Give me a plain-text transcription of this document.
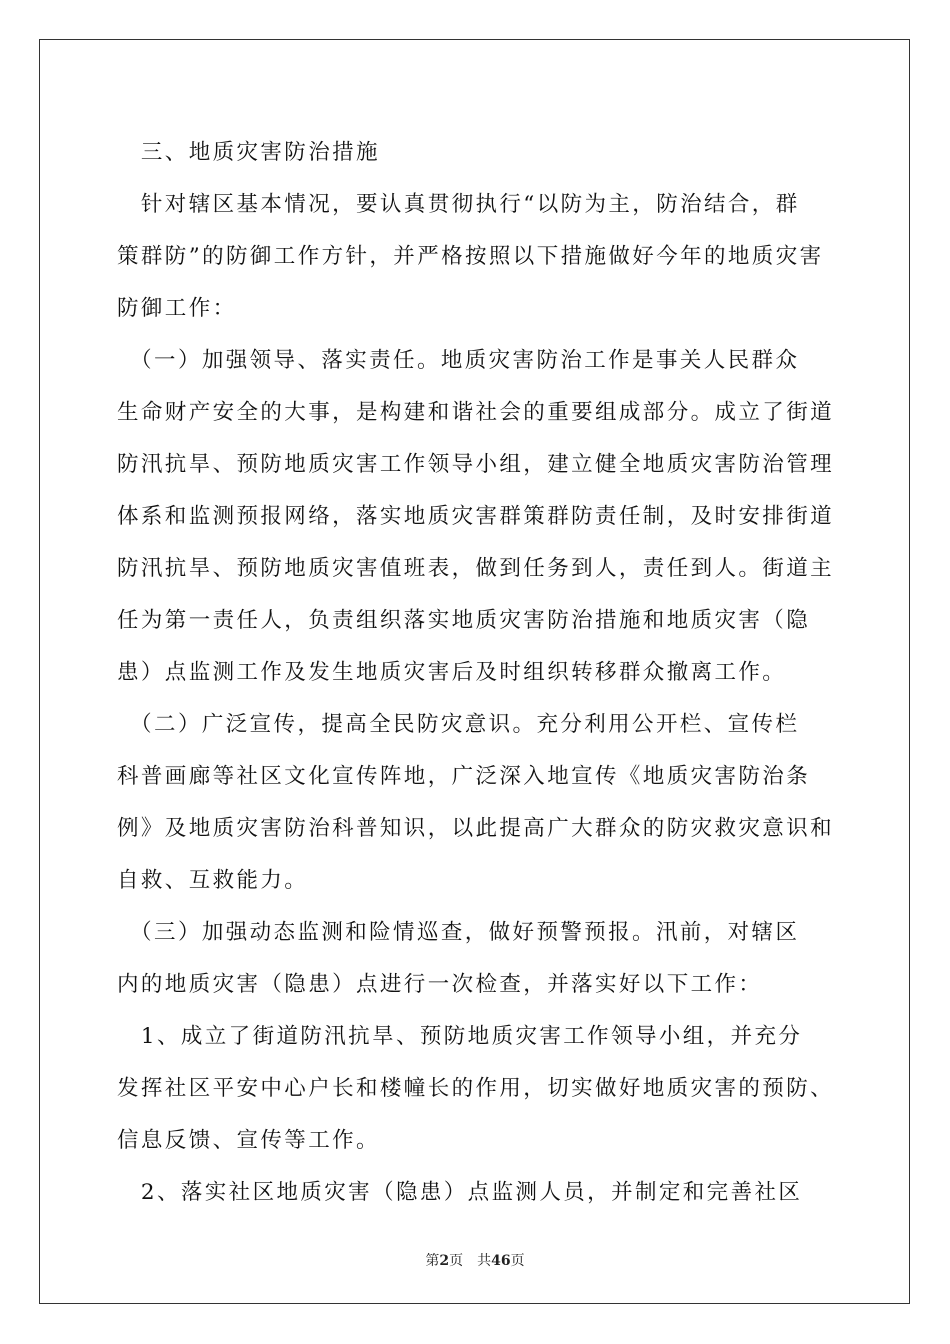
　三、地质灾害防治措施
　针对辖区基本情况，要认真贯彻执行“以防为主，防治结合，群
策群防”的防御工作方针，并严格按照以下措施做好今年的地质灾害
防御工作：
　（一）加强领导、落实责任。地质灾害防治工作是事关人民群众
生命财产安全的大事，是构建和谐社会的重要组成部分。成立了街道
防汛抗旱、预防地质灾害工作领导小组，建立健全地质灾害防治管理
体系和监测预报网络，落实地质灾害群策群防责任制，及时安排街道
防汛抗旱、预防地质灾害值班表，做到任务到人，责任到人。街道主
任为第一责任人，负责组织落实地质灾害防治措施和地质灾害（隐
患）点监测工作及发生地质灾害后及时组织转移群众撤离工作。
　（二）广泛宣传，提高全民防灾意识。充分利用公开栏、宣传栏
科普画廊等社区文化宣传阵地，广泛深入地宣传《地质灾害防治条
例》及地质灾害防治科普知识，以此提高广大群众的防灾救灾意识和
自救、互救能力。
　（三）加强动态监测和险情巡查，做好预警预报。汛前，对辖区
内的地质灾害（隐患）点进行一次检查，并落实好以下工作：
　1、成立了街道防汛抗旱、预防地质灾害工作领导小组，并充分
发挥社区平安中心户长和楼幢长的作用，切实做好地质灾害的预防、
信息反馈、宣传等工作。
　2、落实社区地质灾害（隐患）点监测人员，并制定和完善社区
第2页　共46页
